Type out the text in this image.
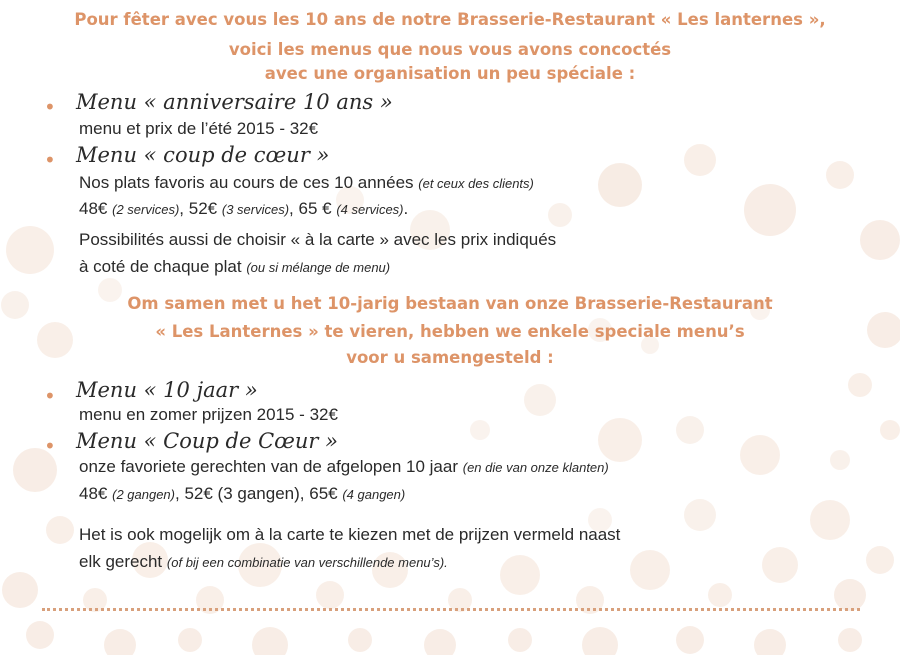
Pour fêter avec vous les 10 ans de notre Brasserie-Restaurant « Les lanternes »,

voici les menus que nous vous avons concoctés

avec une organisation un peu spéciale :

• Menu « anniversaire 10 ans »

menu et prix de l’été 2015 - 32€

• Menu « coup de cœur »

Nos plats favoris au cours de ces 10 années (et ceux des clients)

48€ (2 services), 52€ (3 services), 65 € (4 services).

Possibilités aussi de choisir « à la carte » avec les prix indiqués

à coté de chaque plat (ou si mélange de menu)

Om samen met u het 10-jarig bestaan van onze Brasserie-Restaurant

« Les Lanternes » te vieren, hebben we enkele speciale menu’s

voor u samengesteld :

• Menu « 10 jaar »

menu en zomer prijzen 2015 - 32€

• Menu « Coup de Cœur »

onze favoriete gerechten van de afgelopen 10 jaar (en die van onze klanten)

48€ (2 gangen), 52€ (3 gangen), 65€ (4 gangen)

Het is ook mogelijk om à la carte te kiezen met de prijzen vermeld naast

elk gerecht (of bij een combinatie van verschillende menu’s).
